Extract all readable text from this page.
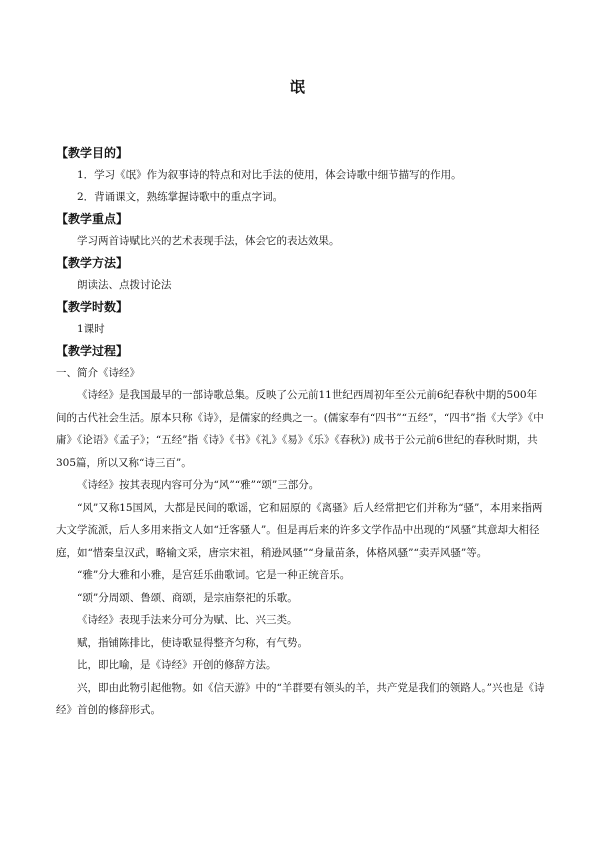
氓

【教学目的】

1．学习《氓》作为叙事诗的特点和对比手法的使用，体会诗歌中细节描写的作用。

2．背诵课文，熟练掌握诗歌中的重点字词。

【教学重点】

学习两首诗赋比兴的艺术表现手法，体会它的表达效果。

【教学方法】

朗读法、点拨讨论法

【教学时数】

1课时

【教学过程】

一、简介《诗经》

《诗经》是我国最早的一部诗歌总集。反映了公元前11世纪西周初年至公元前6纪春秋中期的500年间的古代社会生活。原本只称《诗》，是儒家的经典之一。(儒家奉有“四书”“五经”，“四书”指《大学》《中庸》《论语》《孟子》；“五经”指《诗》《书》《礼》《易》《乐》《春秋》) 成书于公元前6世纪的春秋时期，共305篇，所以又称“诗三百”。

《诗经》按其表现内容可分为“风”“雅”“颂”三部分。

“风”又称15国风，大都是民间的歌谣，它和屈原的《离骚》后人经常把它们并称为“骚”，本用来指两大文学流派，后人多用来指文人如“迁客骚人”。但是再后来的许多文学作品中出现的“风骚”其意却大相径庭，如“惜秦皇汉武，略输文采，唐宗宋祖，稍逊风骚”“身量苗条，体格风骚”“卖弄风骚”等。

“雅”分大雅和小雅，是宫廷乐曲歌词。它是一种正统音乐。

“颂”分周颂、鲁颂、商颂，是宗庙祭祀的乐歌。

《诗经》表现手法来分可分为赋、比、兴三类。

赋，指铺陈排比，使诗歌显得整齐匀称，有气势。

比，即比喻，是《诗经》开创的修辞方法。

兴，即由此物引起他物。如《信天游》中的“羊群要有领头的羊，共产党是我们的领路人。”兴也是《诗经》首创的修辞形式。
